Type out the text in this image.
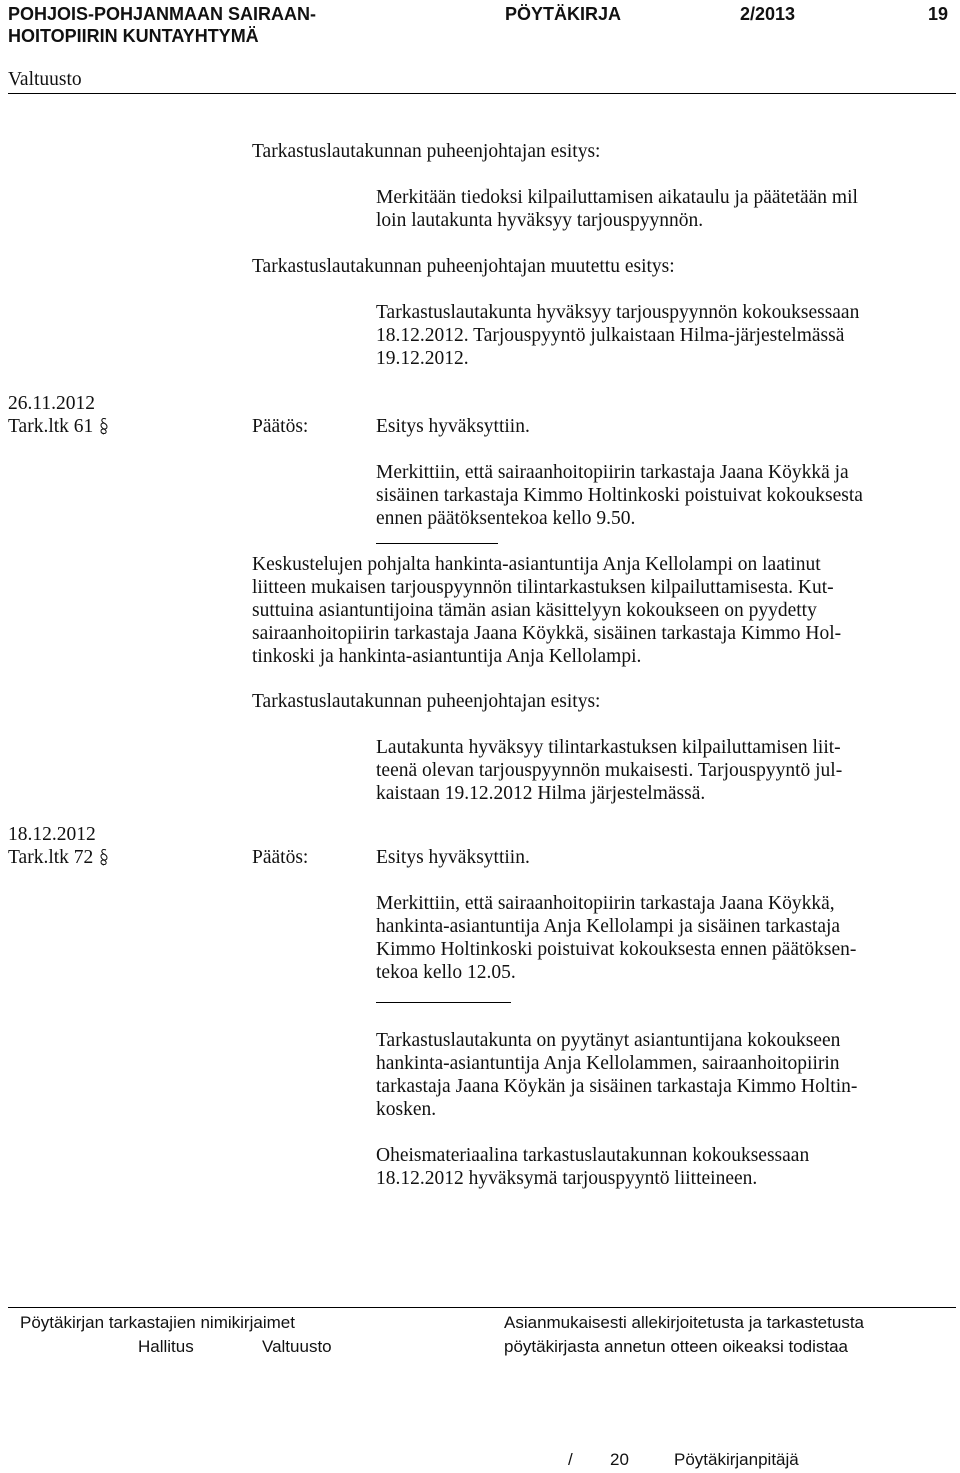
POHJOIS-POHJANMAAN SAIRAAN-
HOITOPIIRIN KUNTAYHTYMÄ
PÖYTÄKIRJA	2/2013	19
Valtuusto
Tarkastuslautakunnan puheenjohtajan esitys:
Merkitään tiedoksi kilpailuttamisen aikataulu ja päätetään mil
loin lautakunta hyväksyy tarjouspyynnön.
Tarkastuslautakunnan puheenjohtajan muutettu esitys:
Tarkastuslautakunta hyväksyy tarjouspyynnön kokouksessaan
18.12.2012. Tarjouspyyntö julkaistaan Hilma-järjestelmässä
19.12.2012.
26.11.2012
Tark.ltk 61	Päätös:	Esitys hyväksyttiin.
Merkittiin, että sairaanhoitopiirin tarkastaja Jaana Köykkä ja
sisäinen tarkastaja Kimmo Holtinkoski poistuivat kokouksesta
ennen päätöksentekoa kello 9.50.
Keskustelujen pohjalta hankinta-asiantuntija Anja Kellolampi on laatinut
liitteen mukaisen tarjouspyynnön tilintarkastuksen kilpailuttamisesta. Kut-
suttuina asiantuntijoina tämän asian käsittelyyn kokoukseen on pyydetty
sairaanhoitopiirin tarkastaja Jaana Köykkä, sisäinen tarkastaja Kimmo Hol-
tinkoski ja hankinta-asiantuntija Anja Kellolampi.
Tarkastuslautakunnan puheenjohtajan esitys:
Lautakunta hyväksyy tilintarkastuksen kilpailuttamisen liit-
teenä olevan tarjouspyynnön mukaisesti. Tarjouspyyntö jul-
kaistaan 19.12.2012 Hilma järjestelmässä.
18.12.2012
Tark.ltk 72	Päätös:	Esitys hyväksyttiin.
Merkittiin, että sairaanhoitopiirin tarkastaja Jaana Köykkä,
hankinta-asiantuntija Anja Kellolampi ja sisäinen tarkastaja
Kimmo Holtinkoski poistuivat kokouksesta ennen päätöksen-
tekoa kello 12.05.
Tarkastuslautakunta on pyytänyt asiantuntijana kokoukseen
hankinta-asiantuntija Anja Kellolammen, sairaanhoitopiirin
tarkastaja Jaana Köykän ja sisäinen tarkastaja Kimmo Holtin-
kosken.
Oheismateriaalina tarkastuslautakunnan kokouksessaan
18.12.2012 hyväksymä tarjouspyyntö liitteineen.
Pöytäkirjan tarkastajien nimikirjaimet
Hallitus	Valtuusto
Asianmukaisesti allekirjoitetusta ja tarkastetusta
pöytäkirjasta annetun otteen oikeaksi todistaa
/ 20	Pöytäkirjanpitäjä
